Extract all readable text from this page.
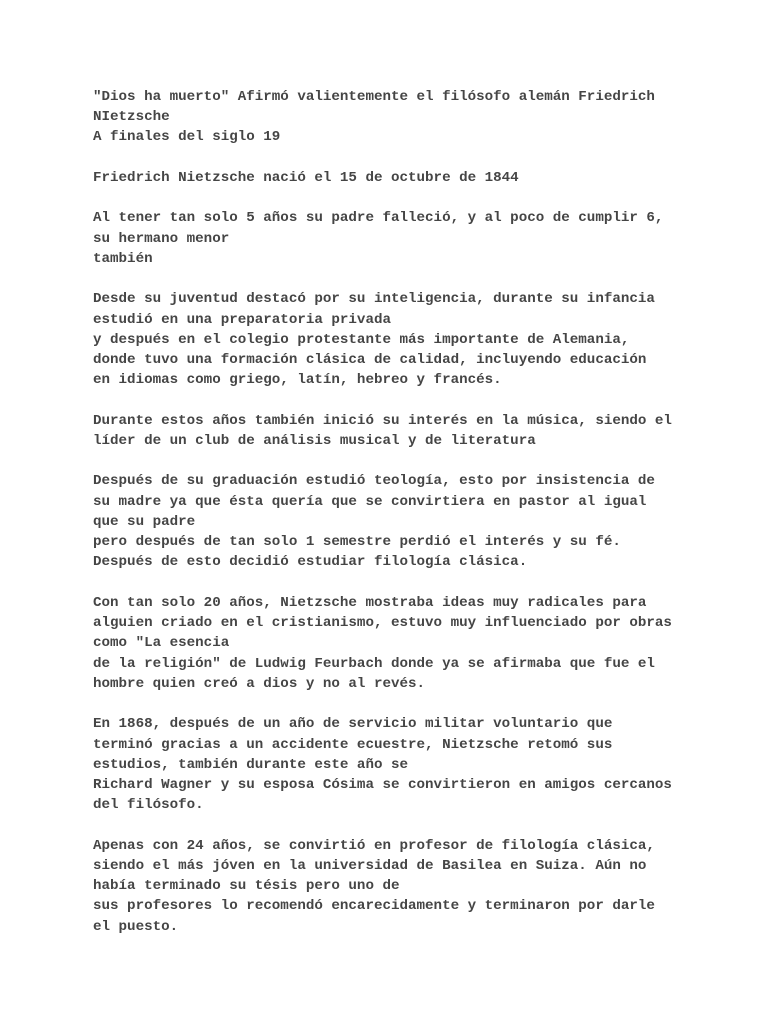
"Dios ha muerto" Afirmó valientemente el filósofo alemán Friedrich
NIetzsche
A finales del siglo 19
Friedrich Nietzsche nació el 15 de octubre de 1844
Al tener tan solo 5 años su padre falleció, y al poco de cumplir 6,
su hermano menor
también
Desde su juventud destacó por su inteligencia, durante su infancia
estudió en una preparatoria privada
y después en el colegio protestante más importante de Alemania,
donde tuvo una formación clásica de calidad, incluyendo educación
en idiomas como griego, latín, hebreo y francés.
Durante estos años también inició su interés en la música, siendo el
líder de un club de análisis musical y de literatura
Después de su graduación estudió teología, esto por insistencia de
su madre ya que ésta quería que se convirtiera en pastor al igual
que su padre
pero después de tan solo 1 semestre perdió el interés y su fé.
Después de esto decidió estudiar filología clásica.
Con tan solo 20 años, Nietzsche mostraba ideas muy radicales para
alguien criado en el cristianismo, estuvo muy influenciado por obras
como "La esencia
de la religión" de Ludwig Feurbach donde ya se afirmaba que fue el
hombre quien creó a dios y no al revés.
En 1868, después de un año de servicio militar voluntario que
terminó gracias a un accidente ecuestre, Nietzsche retomó sus
estudios, también durante este año se
Richard Wagner y su esposa Cósima se convirtieron en amigos cercanos
del filósofo.
Apenas con 24 años, se convirtió en profesor de filología clásica,
siendo el más jóven en la universidad de Basilea en Suiza. Aún no
había terminado su tésis pero uno de
sus profesores lo recomendó encarecidamente y terminaron por darle
el puesto.
